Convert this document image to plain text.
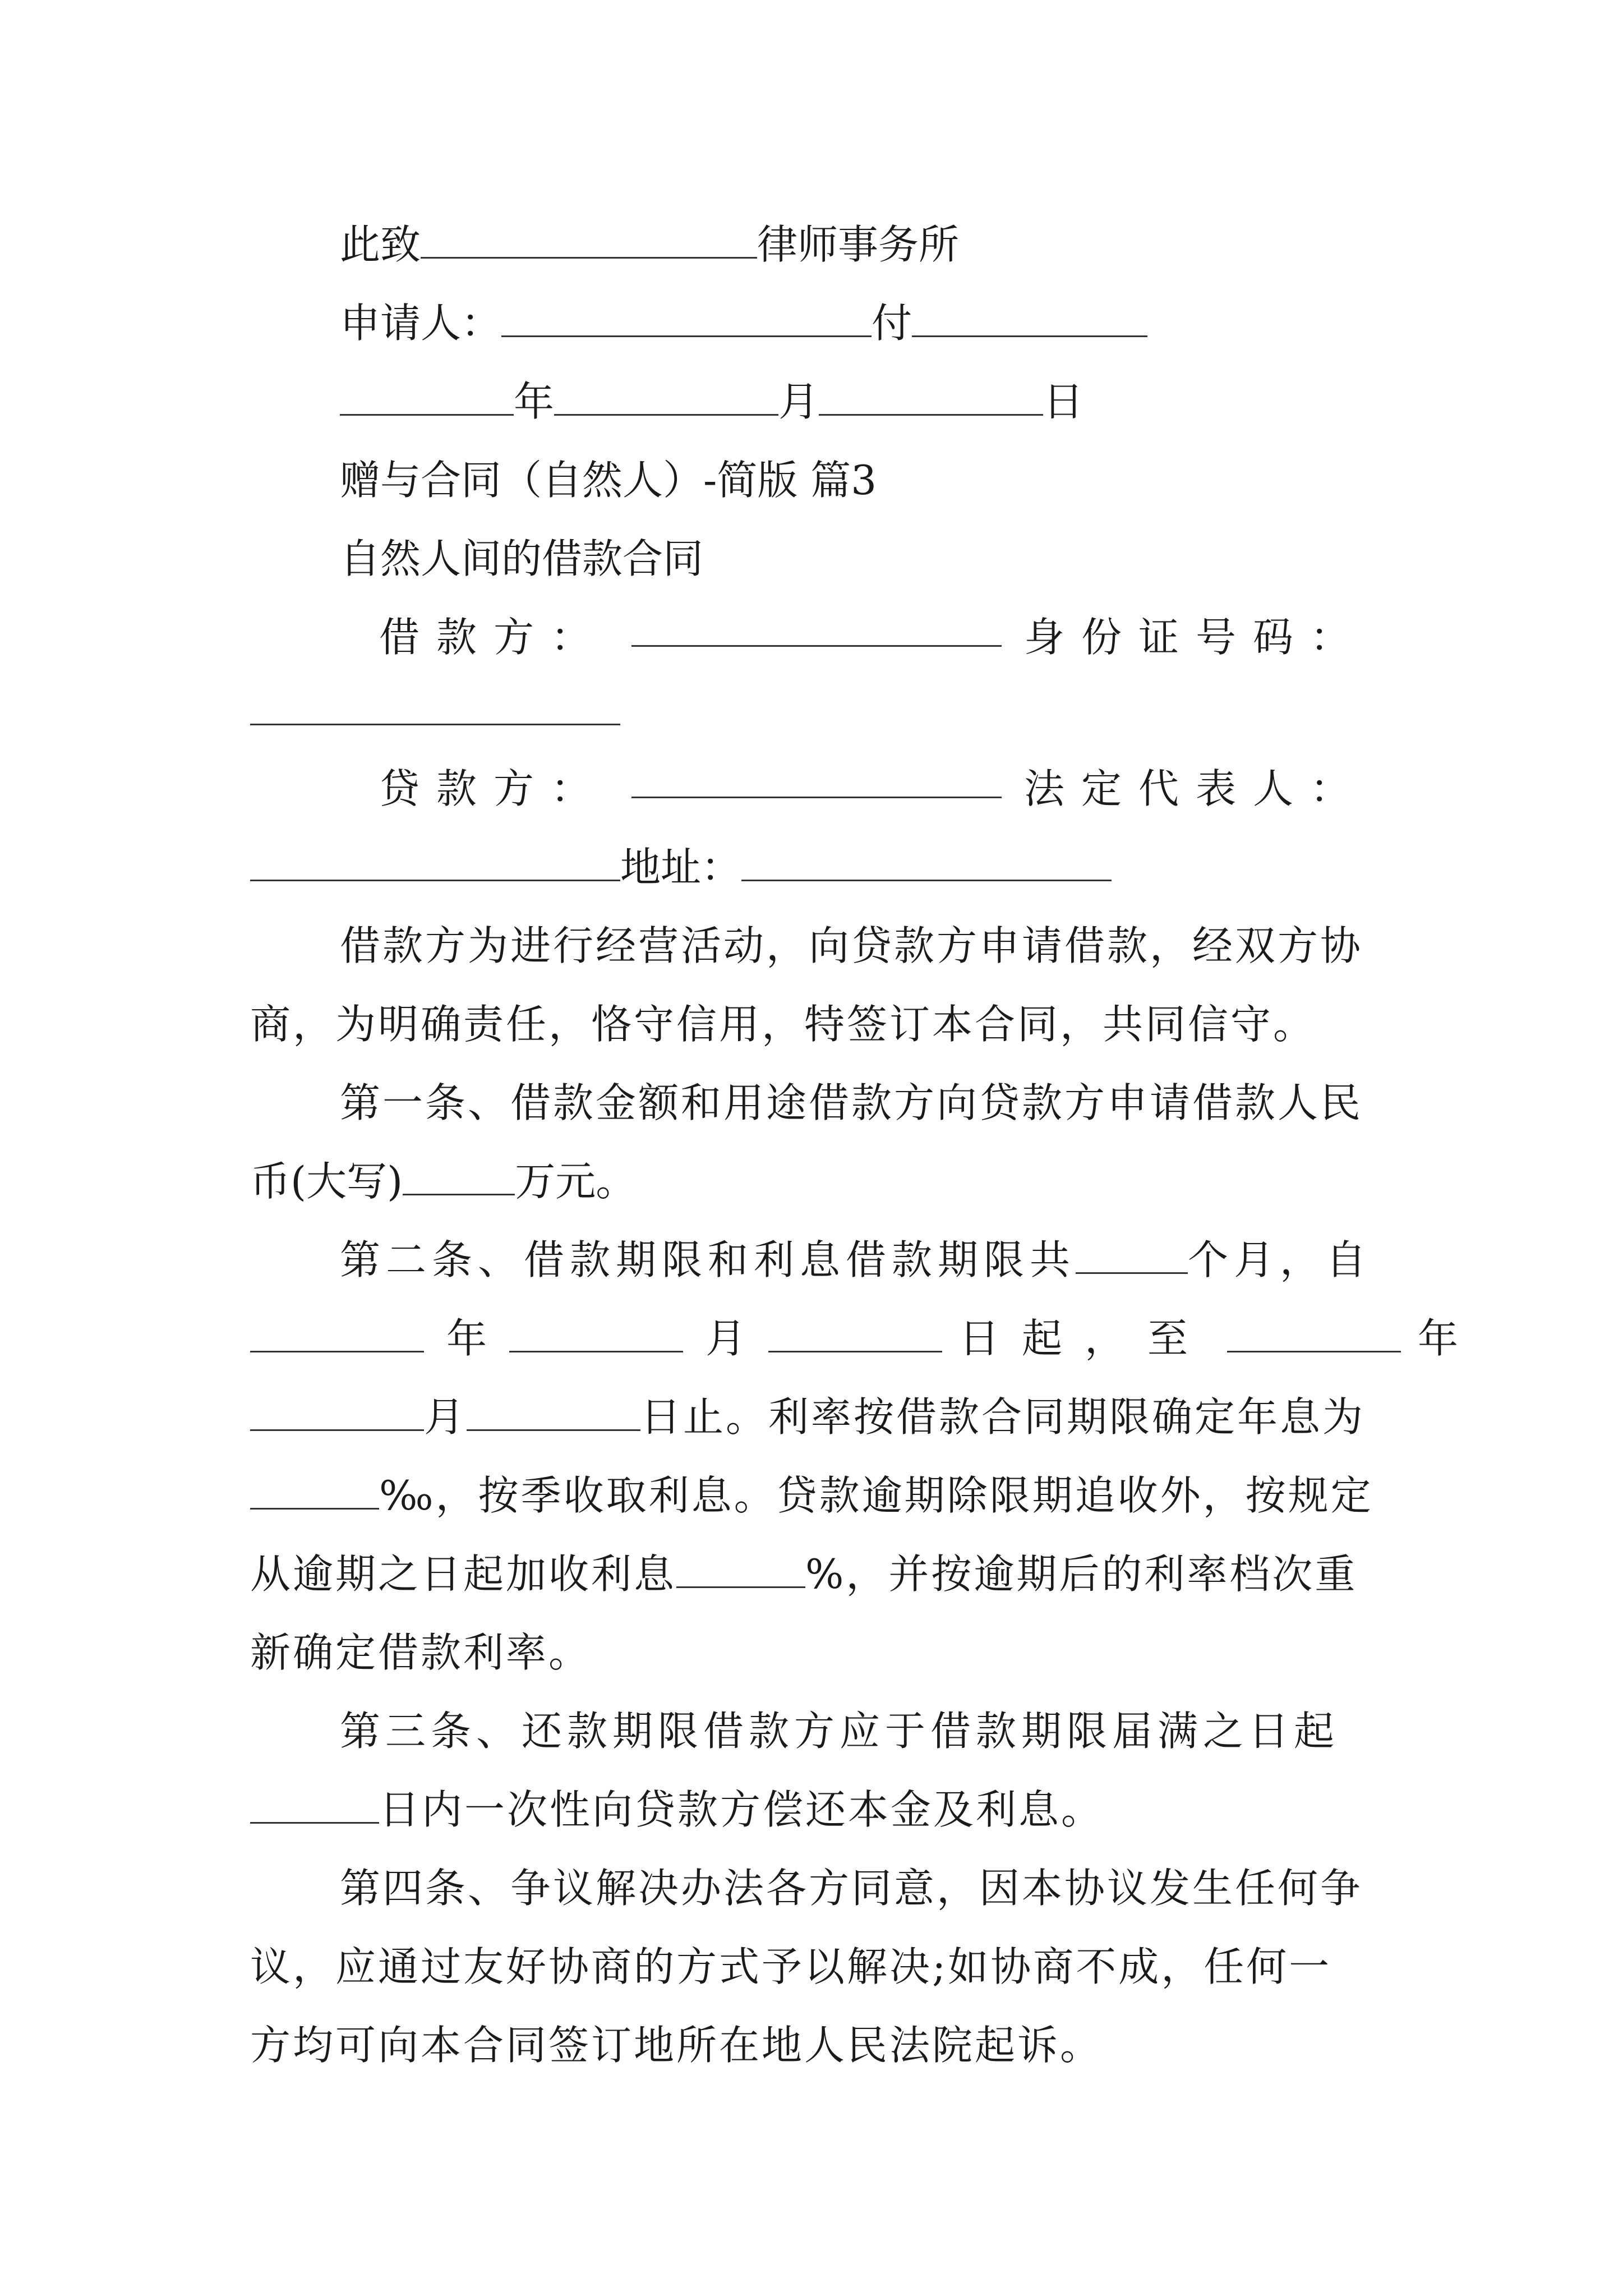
此致	律师事务所
申请人：	付
年	月	日
赠与合同（自然人）-简版 篇3
自然人间的借款合同
借款方：	身份证号码：
贷款方：	法定代表人：
地址：
借款方为进行经营活动，向贷款方申请借款，经双方协
商，为明确责任，恪守信用，特签订本合同，共同信守。
第一条、借款金额和用途借款方向贷款方申请借款人民
币(大写)	万元。
第二条、借款期限和利息借款期限共	个月，自
年	月	日起，至	年
月	日止。利率按借款合同期限确定年息为
‰，按季收取利息。贷款逾期除限期追收外，按规定
从逾期之日起加收利息	%，并按逾期后的利率档次重
新确定借款利率。
第三条、还款期限借款方应于借款期限届满之日起
日内一次性向贷款方偿还本金及利息。
第四条、争议解决办法各方同意，因本协议发生任何争
议，应通过友好协商的方式予以解决;如协商不成，任何一
方均可向本合同签订地所在地人民法院起诉。
